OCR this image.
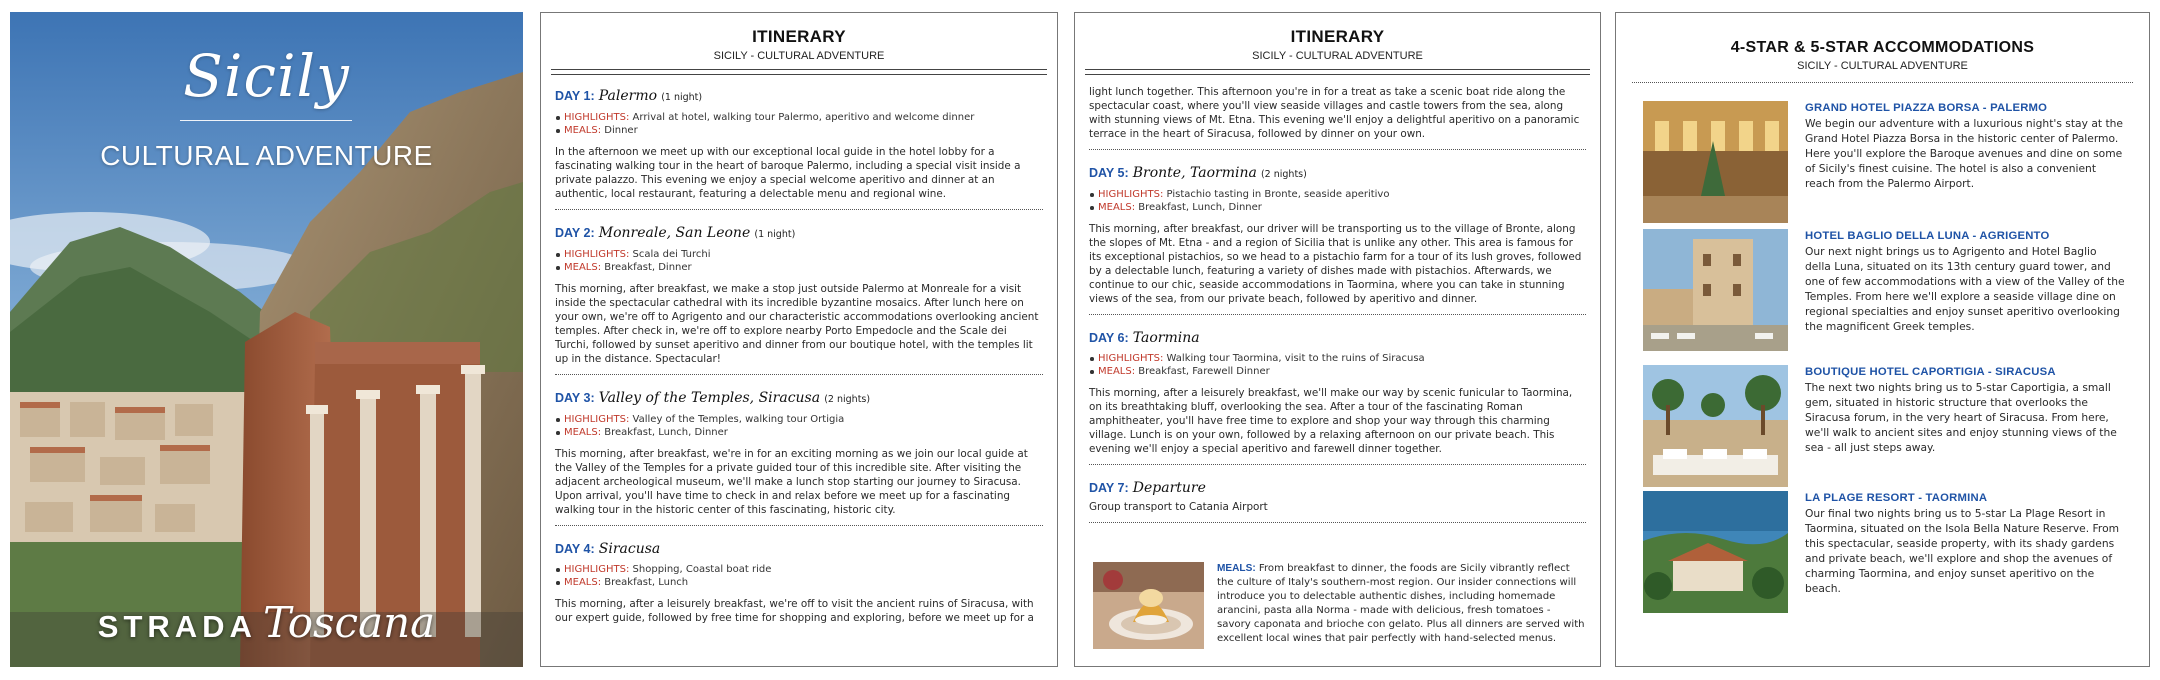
Sicily
CULTURAL ADVENTURE
STRADA Toscana
ITINERARY
SICILY - CULTURAL ADVENTURE
DAY 1: Palermo (1 night)
HIGHLIGHTS: Arrival at hotel, walking tour Palermo, aperitivo and welcome dinner
MEALS: Dinner
In the afternoon we meet up with our exceptional local guide in the hotel lobby for a fascinating walking tour in the heart of baroque Palermo, including a special visit inside a private palazzo. This evening we enjoy a special welcome aperitivo and dinner at an authentic, local restaurant, featuring a delectable menu and regional wine.
DAY 2: Monreale, San Leone (1 night)
HIGHLIGHTS: Scala dei Turchi
MEALS: Breakfast, Dinner
This morning, after breakfast, we make a stop just outside Palermo at Monreale for a visit inside the spectacular cathedral with its incredible byzantine mosaics. After lunch here on your own, we're off to Agrigento and our characteristic accommodations overlooking ancient temples. After check in, we're off to explore nearby Porto Empedocle and the Scale dei Turchi, followed by sunset aperitivo and dinner from our boutique hotel, with the temples lit up in the distance. Spectacular!
DAY 3: Valley of the Temples, Siracusa (2 nights)
HIGHLIGHTS: Valley of the Temples, walking tour Ortigia
MEALS: Breakfast, Lunch, Dinner
This morning, after breakfast, we're in for an exciting morning as we join our local guide at the Valley of the Temples for a private guided tour of this incredible site. After visiting the adjacent archeological museum, we'll make a lunch stop starting our journey to Siracusa. Upon arrival, you'll have time to check in and relax before we meet up for a fascinating walking tour in the historic center of this fascinating, historic city.
DAY 4: Siracusa
HIGHLIGHTS: Shopping, Coastal boat ride
MEALS: Breakfast, Lunch
This morning, after a leisurely breakfast, we're off to visit the ancient ruins of Siracusa, with our expert guide, followed by free time for shopping and exploring, before we meet up for a
ITINERARY
SICILY - CULTURAL ADVENTURE
light lunch together. This afternoon you're in for a treat as take a scenic boat ride along the spectacular coast, where you'll view seaside villages and castle towers from the sea, along with stunning views of Mt. Etna. This evening we'll enjoy a delightful aperitivo on a panoramic terrace in the heart of Siracusa, followed by dinner on your own.
DAY 5: Bronte, Taormina (2 nights)
HIGHLIGHTS: Pistachio tasting in Bronte, seaside aperitivo
MEALS: Breakfast, Lunch, Dinner
This morning, after breakfast, our driver will be transporting us to the village of Bronte, along the slopes of Mt. Etna - and a region of Sicilia that is unlike any other. This area is famous for its exceptional pistachios, so we head to a pistachio farm for a tour of its lush groves, followed by a delectable lunch, featuring a variety of dishes made with pistachios. Afterwards, we continue to our chic, seaside accommodations in Taormina, where you can take in stunning views of the sea, from our private beach, followed by aperitivo and dinner.
DAY 6: Taormina
HIGHLIGHTS: Walking tour Taormina, visit to the ruins of Siracusa
MEALS: Breakfast, Farewell Dinner
This morning, after a leisurely breakfast, we'll make our way by scenic funicular to Taormina, on its breathtaking bluff, overlooking the sea. After a tour of the fascinating Roman amphitheater, you'll have free time to explore and shop your way through this charming village. Lunch is on your own, followed by a relaxing afternoon on our private beach. This evening we'll enjoy a special aperitivo and farewell dinner together.
DAY 7: Departure
Group transport to Catania Airport
MEALS: From breakfast to dinner, the foods are Sicily vibrantly reflect the culture of Italy's southern-most region. Our insider connections will introduce you to delectable authentic dishes, including homemade arancini, pasta alla Norma - made with delicious, fresh tomatoes - savory caponata and brioche con gelato. Plus all dinners are served with excellent local wines that pair perfectly with hand-selected menus.
4-STAR & 5-STAR ACCOMMODATIONS
SICILY - CULTURAL ADVENTURE
GRAND HOTEL PIAZZA BORSA - PALERMO
We begin our adventure with a luxurious night's stay at the Grand Hotel Piazza Borsa in the historic center of Palermo. Here you'll explore the Baroque avenues and dine on some of Sicily's finest cuisine. The hotel is also a convenient reach from the Palermo Airport.
HOTEL BAGLIO DELLA LUNA - AGRIGENTO
Our next night brings us to Agrigento and Hotel Baglio della Luna, situated on its 13th century guard tower, and one of few accommodations with a view of the Valley of the Temples. From here we'll explore a seaside village dine on regional specialties and enjoy sunset aperitivo overlooking the magnificent Greek temples.
BOUTIQUE HOTEL CAPORTIGIA - SIRACUSA
The next two nights bring us to 5-star Caportigia, a small gem, situated in historic structure that overlooks the Siracusa forum, in the very heart of Siracusa. From here, we'll walk to ancient sites and enjoy stunning views of the sea - all just steps away.
LA PLAGE RESORT - TAORMINA
Our final two nights bring us to 5-star La Plage Resort in Taormina, situated on the Isola Bella Nature Reserve. From this spectacular, seaside property, with its shady gardens and private beach, we'll explore and shop the avenues of charming Taormina, and enjoy sunset aperitivo on the beach.
